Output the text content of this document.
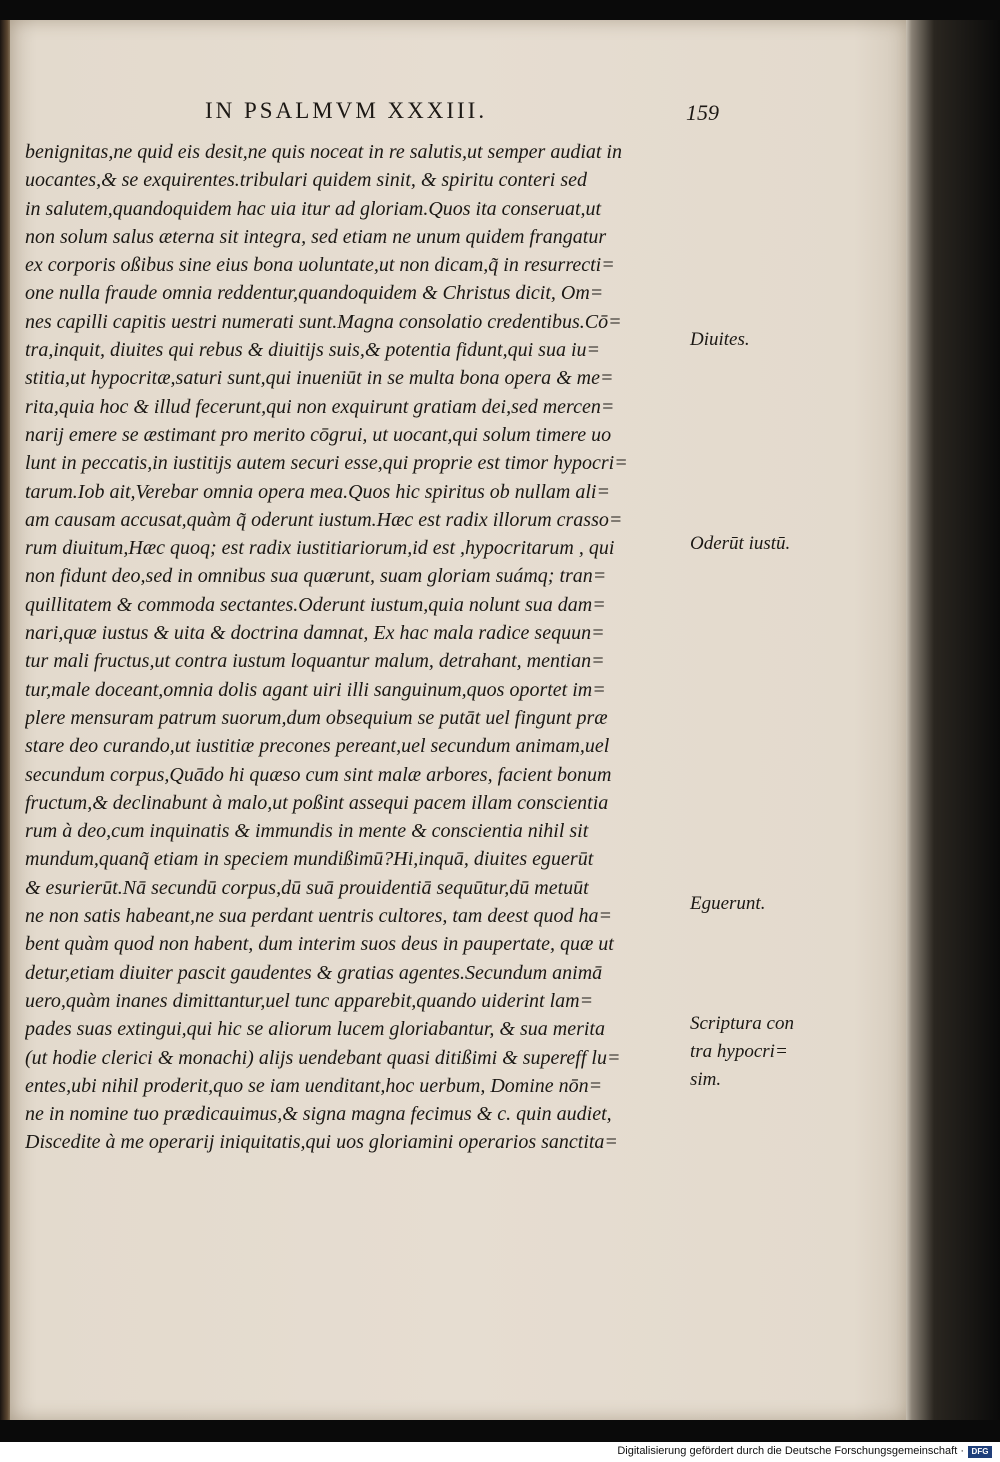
IN PSALMVM XXXIII.	159
benignitas,ne quid eis desit,ne quis noceat in re salutis,ut semper audiat in
uocantes,& se exquirentes.tribulari quidem sinit, & spiritu conteri sed
in salutem,quandoquidem hac uia itur ad gloriam.Quos ita conseruat,ut
non solum salus æterna sit integra, sed etiam ne unum quidem frangatur
ex corporis oßibus sine eius bona uoluntate,ut non dicam,q̃ in resurrecti=
one nulla fraude omnia reddentur,quandoquidem & Christus dicit, Om=
nes capilli capitis uestri numerati sunt.Magna consolatio credentibus.Cō=
tra,inquit, diuites qui rebus & diuitijs suis,& potentia fidunt,qui sua iu=
stitia,ut hypocritæ,saturi sunt,qui inueniūt in se multa bona opera & me=
rita,quia hoc & illud fecerunt,qui non exquirunt gratiam dei,sed mercen=
narij emere se æstimant pro merito cōgrui, ut uocant,qui solum timere uo
lunt in peccatis,in iustitijs autem securi esse,qui proprie est timor hypocri=
tarum.Iob ait,Verebar omnia opera mea.Quos hic spiritus ob nullam ali=
am causam accusat,quàm q̃ oderunt iustum.Hæc est radix illorum crasso=
rum diuitum,Hæc quoq; est radix iustitiariorum,id est ,hypocritarum , qui
non fidunt deo,sed in omnibus sua quærunt, suam gloriam suámq; tran=
quillitatem & commoda sectantes.Oderunt iustum,quia nolunt sua dam=
nari,quæ iustus & uita & doctrina damnat, Ex hac mala radice sequun=
tur mali fructus,ut contra iustum loquantur malum, detrahant, mentian=
tur,male doceant,omnia dolis agant uiri illi sanguinum,quos oportet im=
plere mensuram patrum suorum,dum obsequium se putāt uel fingunt præ
stare deo curando,ut iustitiæ precones pereant,uel secundum animam,uel
secundum corpus,Quādo hi quæso cum sint malæ arbores, facient bonum
fructum,& declinabunt à malo,ut poßint assequi pacem illam conscientia
rum à deo,cum inquinatis & immundis in mente & conscientia nihil sit
mundum,quanq̃ etiam in speciem mundißimū?Hi,inquā, diuites eguerūt
& esurierūt.Nā secundū corpus,dū suā prouidentiā sequūtur,dū metuūt
ne non satis habeant,ne sua perdant uentris cultores, tam deest quod ha=
bent quàm quod non habent, dum interim suos deus in paupertate, quæ ut
detur,etiam diuiter pascit gaudentes & gratias agentes.Secundum animā
uero,quàm inanes dimittantur,uel tunc apparebit,quando uiderint lam=
pades suas extingui,qui hic se aliorum lucem gloriabantur, & sua merita
(ut hodie clerici & monachi) alijs uendebant quasi ditißimi & supereff lu=
entes,ubi nihil proderit,quo se iam uenditant,hoc uerbum, Domine nōn=
ne in nomine tuo prædicauimus,& signa magna fecimus & c. quin audiet,
Discedite à me operarij iniquitatis,qui uos gloriamini operarios sanctita=
Diuites.
Oderūt iustū.
Eguerunt.
Scriptura con
tra hypocri=
sim.
Digitalisierung gefördert durch die Deutsche Forschungsgemeinschaft · DFG
